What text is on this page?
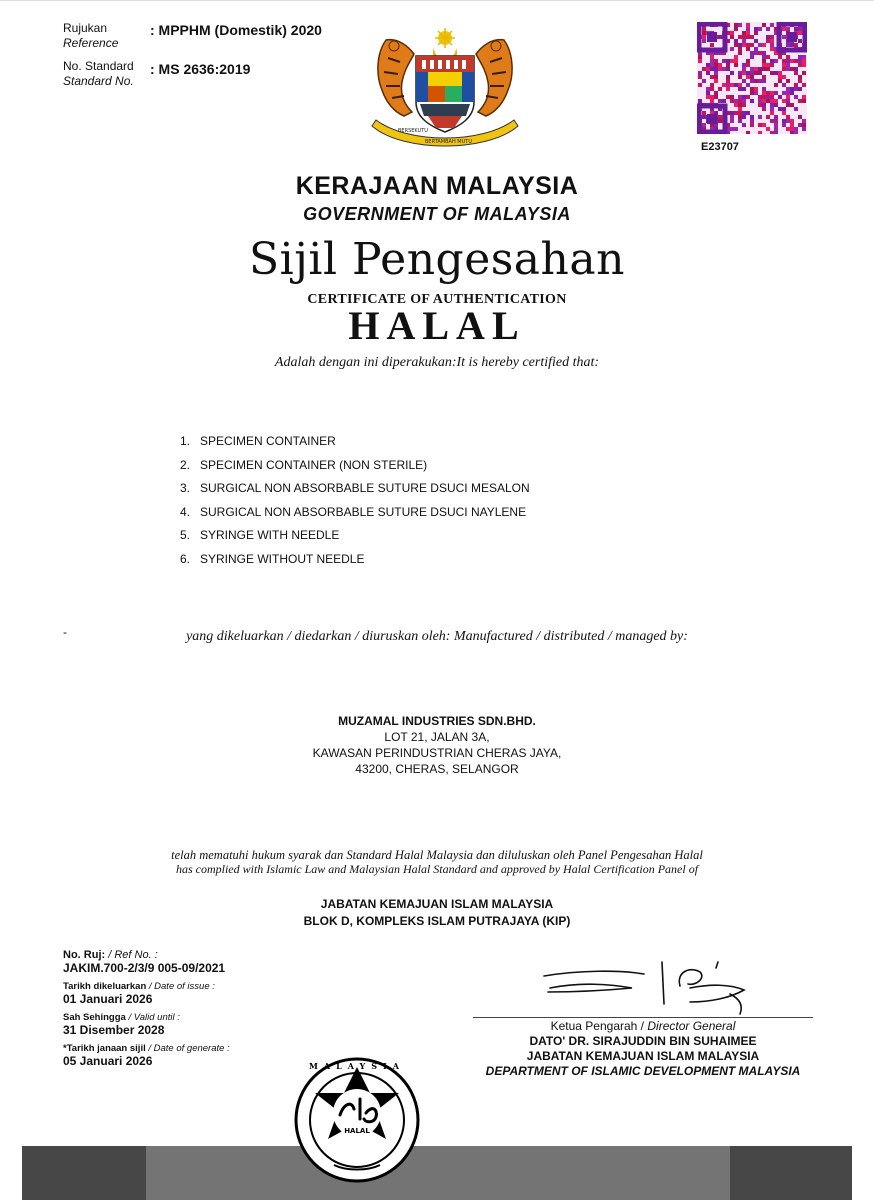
Rujukan
Reference
: MPPHM (Domestik) 2020
No. Standard
Standard No.
: MS 2636:2019
BERSEKUTU
BERTAMBAH MUTU	E23707
KERAJAAN MALAYSIA
GOVERNMENT OF MALAYSIA
Sijil Pengesahan
CERTIFICATE OF AUTHENTICATION
HALAL
Adalah dengan ini diperakukan:It is hereby certified that:
1. SPECIMEN CONTAINER
2. SPECIMEN CONTAINER (NON STERILE)
3. SURGICAL NON ABSORBABLE SUTURE DSUCI MESALON
4. SURGICAL NON ABSORBABLE SUTURE DSUCI NAYLENE
5. SYRINGE WITH NEEDLE
6. SYRINGE WITHOUT NEEDLE
-	yang dikeluarkan / diedarkan / diuruskan oleh: Manufactured / distributed / managed by:
MUZAMAL INDUSTRIES SDN.BHD.
LOT 21, JALAN 3A,
KAWASAN PERINDUSTRIAN CHERAS JAYA,
43200, CHERAS, SELANGOR
telah mematuhi hukum syarak dan Standard Halal Malaysia dan diluluskan oleh Panel Pengesahan Halal
has complied with Islamic Law and Malaysian Halal Standard and approved by Halal Certification Panel of
JABATAN KEMAJUAN ISLAM MALAYSIA
BLOK D, KOMPLEKS ISLAM PUTRAJAYA (KIP)
No. Ruj: / Ref No. :
JAKIM.700-2/3/9 005-09/2021
Tarikh dikeluarkan / Date of issue :
01 Januari 2026
Sah Sehingga / Valid until :
31 Disember 2028
*Tarikh janaan sijil / Date of generate :
05 Januari 2026
Ketua Pengarah / Director General
DATO' DR. SIRAJUDDIN BIN SUHAIMEE
JABATAN KEMAJUAN ISLAM MALAYSIA
DEPARTMENT OF ISLAMIC DEVELOPMENT MALAYSIA
HALAL
MALAYSIA
